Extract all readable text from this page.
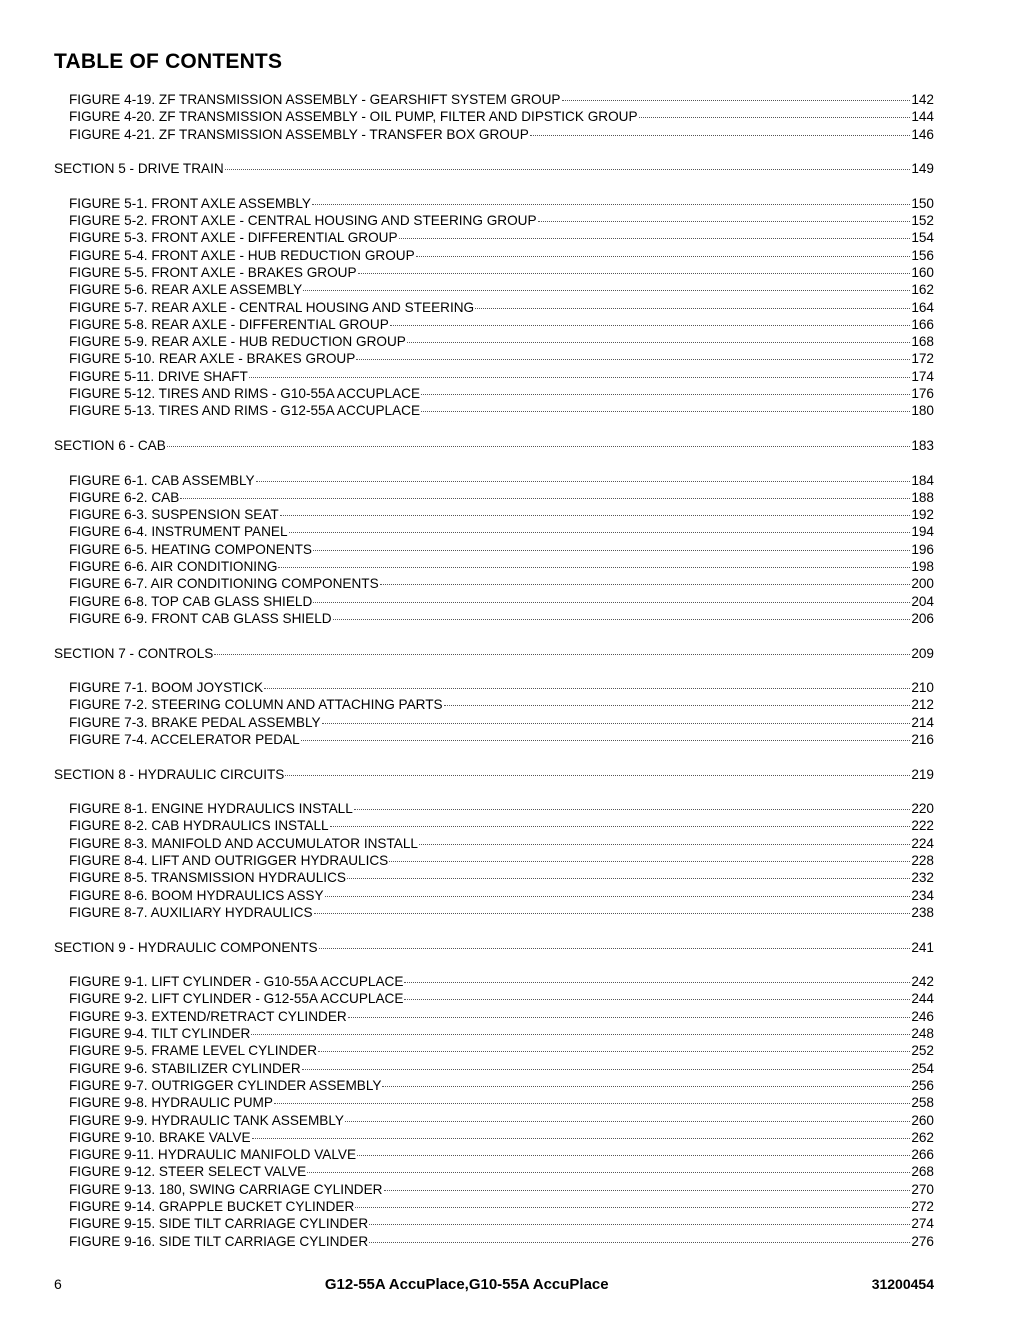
TABLE OF CONTENTS
FIGURE 4-19. ZF TRANSMISSION ASSEMBLY - GEARSHIFT SYSTEM GROUP	142
FIGURE 4-20. ZF TRANSMISSION ASSEMBLY - OIL PUMP, FILTER AND DIPSTICK GROUP	144
FIGURE 4-21. ZF TRANSMISSION ASSEMBLY - TRANSFER BOX GROUP	146
SECTION 5 - DRIVE TRAIN	149
FIGURE 5-1. FRONT AXLE ASSEMBLY	150
FIGURE 5-2. FRONT AXLE - CENTRAL HOUSING AND STEERING GROUP	152
FIGURE 5-3. FRONT AXLE - DIFFERENTIAL GROUP	154
FIGURE 5-4. FRONT AXLE - HUB REDUCTION GROUP	156
FIGURE 5-5. FRONT AXLE - BRAKES GROUP	160
FIGURE 5-6. REAR AXLE ASSEMBLY	162
FIGURE 5-7. REAR AXLE - CENTRAL HOUSING AND STEERING	164
FIGURE 5-8. REAR AXLE - DIFFERENTIAL GROUP	166
FIGURE 5-9. REAR AXLE - HUB REDUCTION GROUP	168
FIGURE 5-10. REAR AXLE - BRAKES GROUP	172
FIGURE 5-11. DRIVE SHAFT	174
FIGURE 5-12. TIRES AND RIMS - G10-55A ACCUPLACE	176
FIGURE 5-13. TIRES AND RIMS - G12-55A ACCUPLACE	180
SECTION 6 - CAB	183
FIGURE 6-1. CAB ASSEMBLY	184
FIGURE 6-2. CAB	188
FIGURE 6-3. SUSPENSION SEAT	192
FIGURE 6-4. INSTRUMENT PANEL	194
FIGURE 6-5. HEATING COMPONENTS	196
FIGURE 6-6. AIR CONDITIONING	198
FIGURE 6-7. AIR CONDITIONING COMPONENTS	200
FIGURE 6-8. TOP CAB GLASS SHIELD	204
FIGURE 6-9. FRONT CAB GLASS SHIELD	206
SECTION 7 - CONTROLS	209
FIGURE 7-1. BOOM JOYSTICK	210
FIGURE 7-2. STEERING COLUMN AND ATTACHING PARTS	212
FIGURE 7-3. BRAKE PEDAL ASSEMBLY	214
FIGURE 7-4. ACCELERATOR PEDAL	216
SECTION 8 - HYDRAULIC CIRCUITS	219
FIGURE 8-1. ENGINE HYDRAULICS INSTALL	220
FIGURE 8-2. CAB HYDRAULICS INSTALL	222
FIGURE 8-3. MANIFOLD AND ACCUMULATOR INSTALL	224
FIGURE 8-4. LIFT AND OUTRIGGER HYDRAULICS	228
FIGURE 8-5. TRANSMISSION HYDRAULICS	232
FIGURE 8-6. BOOM HYDRAULICS ASSY	234
FIGURE 8-7. AUXILIARY HYDRAULICS	238
SECTION 9 - HYDRAULIC COMPONENTS	241
FIGURE 9-1. LIFT CYLINDER - G10-55A ACCUPLACE	242
FIGURE 9-2. LIFT CYLINDER - G12-55A ACCUPLACE	244
FIGURE 9-3. EXTEND/RETRACT CYLINDER	246
FIGURE 9-4. TILT CYLINDER	248
FIGURE 9-5. FRAME LEVEL CYLINDER	252
FIGURE 9-6. STABILIZER CYLINDER	254
FIGURE 9-7. OUTRIGGER CYLINDER ASSEMBLY	256
FIGURE 9-8. HYDRAULIC PUMP	258
FIGURE 9-9. HYDRAULIC TANK ASSEMBLY	260
FIGURE 9-10. BRAKE VALVE	262
FIGURE 9-11. HYDRAULIC MANIFOLD VALVE	266
FIGURE 9-12. STEER SELECT VALVE	268
FIGURE 9-13. 180, SWING CARRIAGE CYLINDER	270
FIGURE 9-14. GRAPPLE BUCKET CYLINDER	272
FIGURE 9-15. SIDE TILT CARRIAGE CYLINDER	274
FIGURE 9-16. SIDE TILT CARRIAGE CYLINDER	276
6	G12-55A AccuPlace,G10-55A AccuPlace	31200454
